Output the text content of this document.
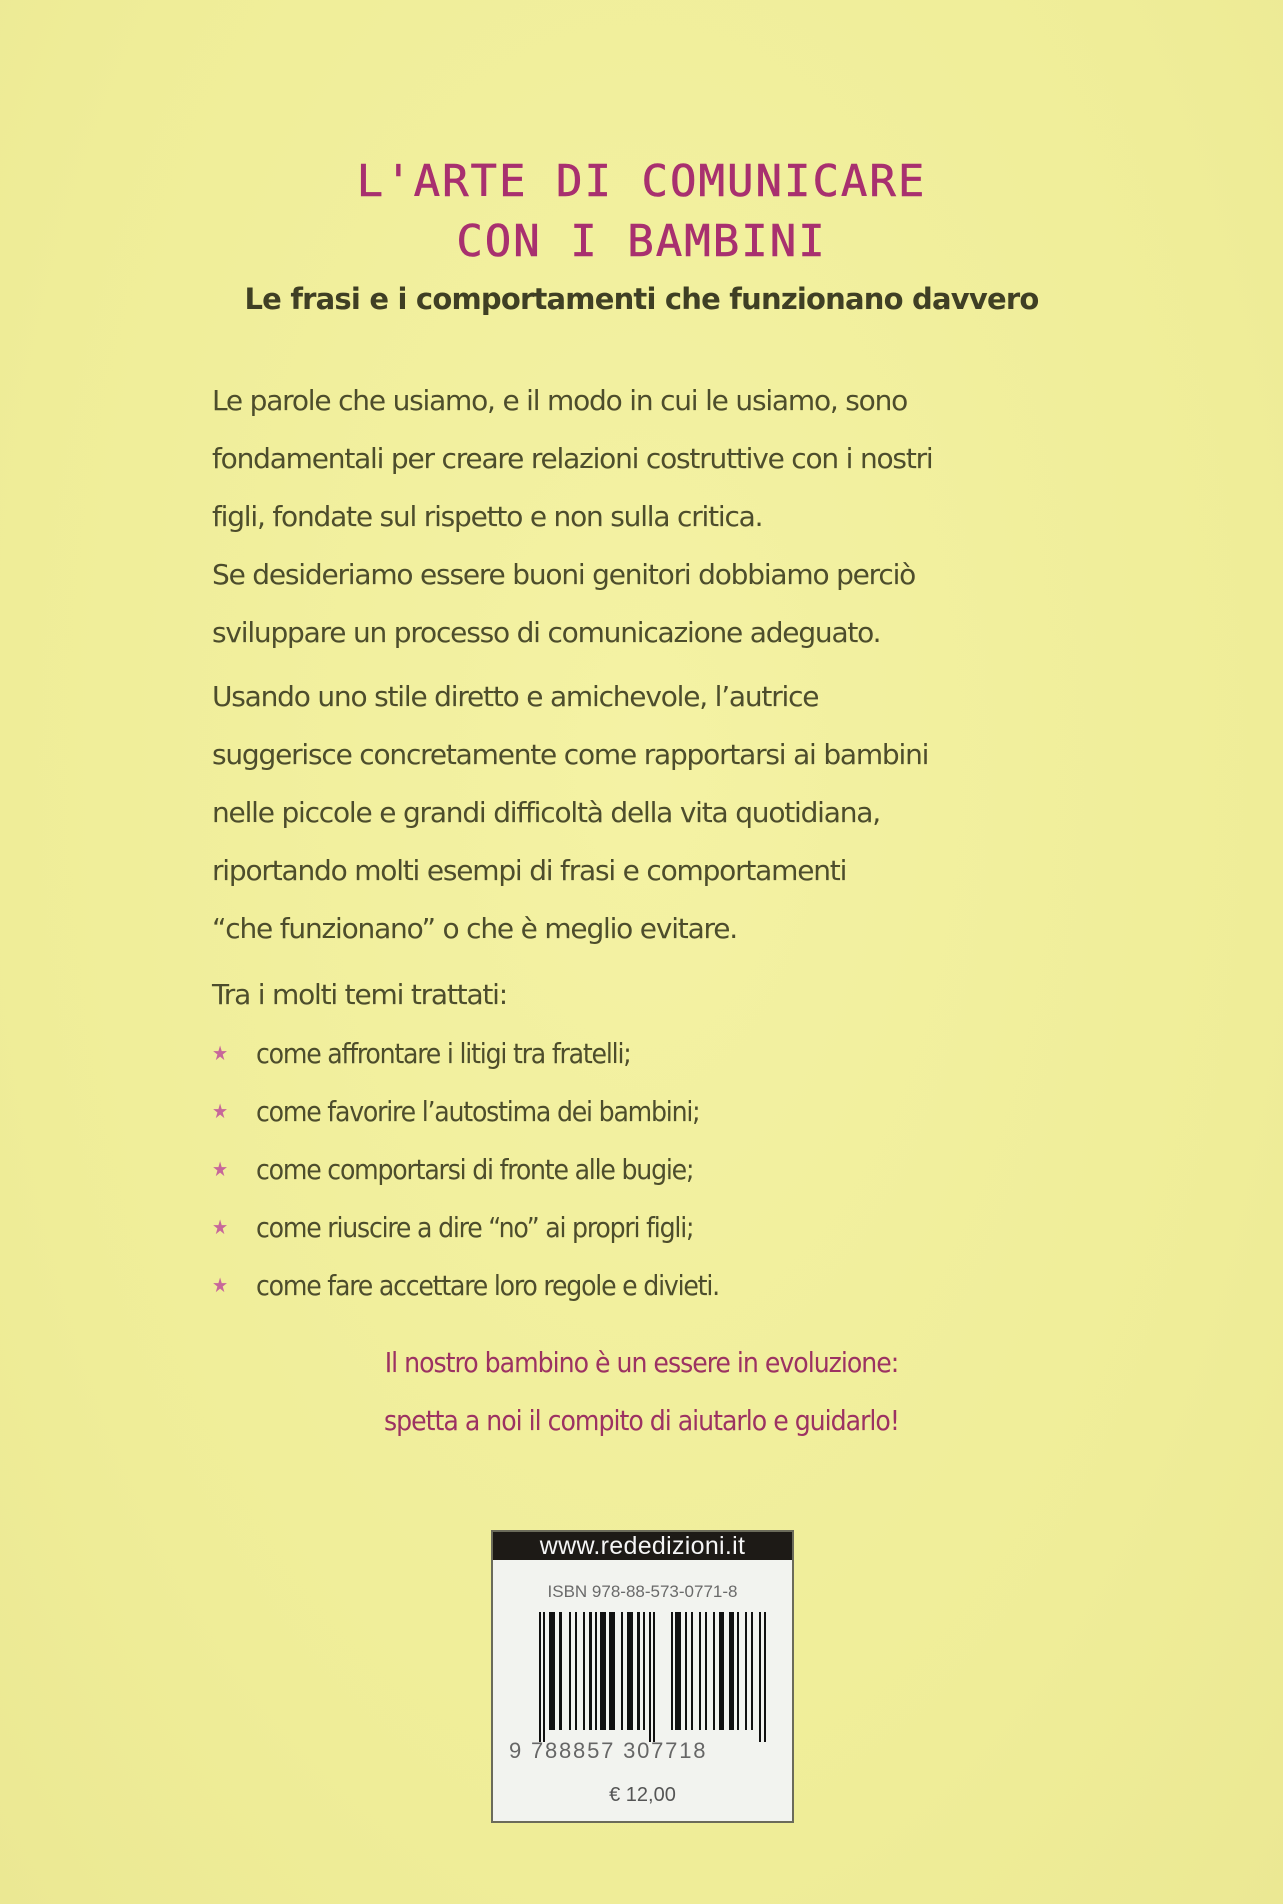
L'ARTE DI COMUNICARE
CON I BAMBINI
Le frasi e i comportamenti che funzionano davvero
Le parole che usiamo, e il modo in cui le usiamo, sono
fondamentali per creare relazioni costruttive con i nostri
figli, fondate sul rispetto e non sulla critica.
Se desideriamo essere buoni genitori dobbiamo perciò
sviluppare un processo di comunicazione adeguato.
Usando uno stile diretto e amichevole, l’autrice
suggerisce concretamente come rapportarsi ai bambini
nelle piccole e grandi difficoltà della vita quotidiana,
riportando molti esempi di frasi e comportamenti
“che funzionano” o che è meglio evitare.
Tra i molti temi trattati:
★	come affrontare i litigi tra fratelli;
★	come favorire l’autostima dei bambini;
★	come comportarsi di fronte alle bugie;
★	come riuscire a dire “no” ai propri figli;
★	come fare accettare loro regole e divieti.
Il nostro bambino è un essere in evoluzione:
spetta a noi il compito di aiutarlo e guidarlo!
www.rededizioni.it
ISBN 978-88-573-0771-8
9 788857 307718
€ 12,00
